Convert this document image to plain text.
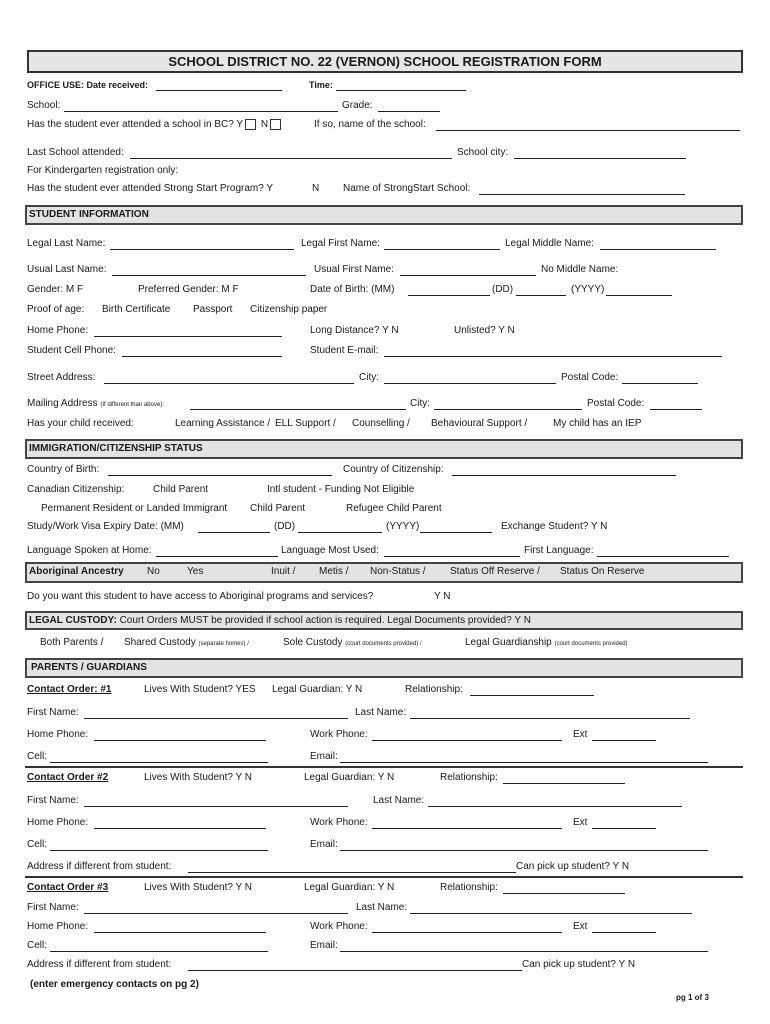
SCHOOL DISTRICT NO. 22 (VERNON) SCHOOL REGISTRATION FORM
OFFICE USE: Date received:	Time:
School:	Grade:
Has the student ever attended a school in BC? Y N	If so, name of the school:
Last School attended:	School city:
For Kindergarten registration only:
Has the student ever attended Strong Start Program? Y	N Name of StrongStart School:
STUDENT INFORMATION
Legal Last Name:	Legal First Name:	Legal Middle Name:
Usual Last Name:	Usual First Name:	No Middle Name:
Gender: M F	Preferred Gender: M F	Date of Birth: (MM)	(DD)	(YYYY)
Proof of age: Birth Certificate Passport Citizenship paper
Home Phone:	Long Distance? Y N	Unlisted? Y N
Student Cell Phone:	Student E-mail:
Street Address:	City:	Postal Code:
Mailing Address (If different than above):	City:	Postal Code:
Has your child received:	Learning Assistance / ELL Support / Counselling / Behavioural Support /	My child has an IEP
IMMIGRATION/CITIZENSHIP STATUS
Country of Birth:	Country of Citizenship:
Canadian Citizenship:	Child Parent	Intl student - Funding Not Eligible
Permanent Resident or Landed Immigrant Child Parent	Refugee Child Parent
Study/Work Visa Expiry Date: (MM)	(DD)	(YYYY)	Exchange Student? Y N
Language Spoken at Home:	Language Most Used:	First Language:
Aboriginal Ancestry No	Yes	Inuit / Metis / Non-Status / Status Off Reserve / Status On Reserve
Do you want this student to have access to Aboriginal programs and services?	Y N
LEGAL CUSTODY: Court Orders MUST be provided if school action is required. Legal Documents provided? Y N
Both Parents / Shared Custody (separate homes) /	Sole Custody (court documents provided) /	Legal Guardianship (court documents provided)
PARENTS / GUARDIANS
Contact Order: #1	Lives With Student? YES Legal Guardian: Y N	Relationship:
First Name:	Last Name:
Home Phone:	Work Phone:	Ext
Cell:	Email:
Contact Order #2	Lives With Student? Y N	Legal Guardian: Y N	Relationship:
First Name:	Last Name:
Home Phone:	Work Phone:	Ext
Cell:	Email:
Address if different from student:	Can pick up student? Y N
Contact Order #3	Lives With Student? Y N	Legal Guardian: Y N	Relationship:
First Name:	Last Name:
Home Phone:	Work Phone:	Ext
Cell:	Email:
Address if different from student:	Can pick up student? Y N
(enter emergency contacts on pg 2)
pg 1 of 3
